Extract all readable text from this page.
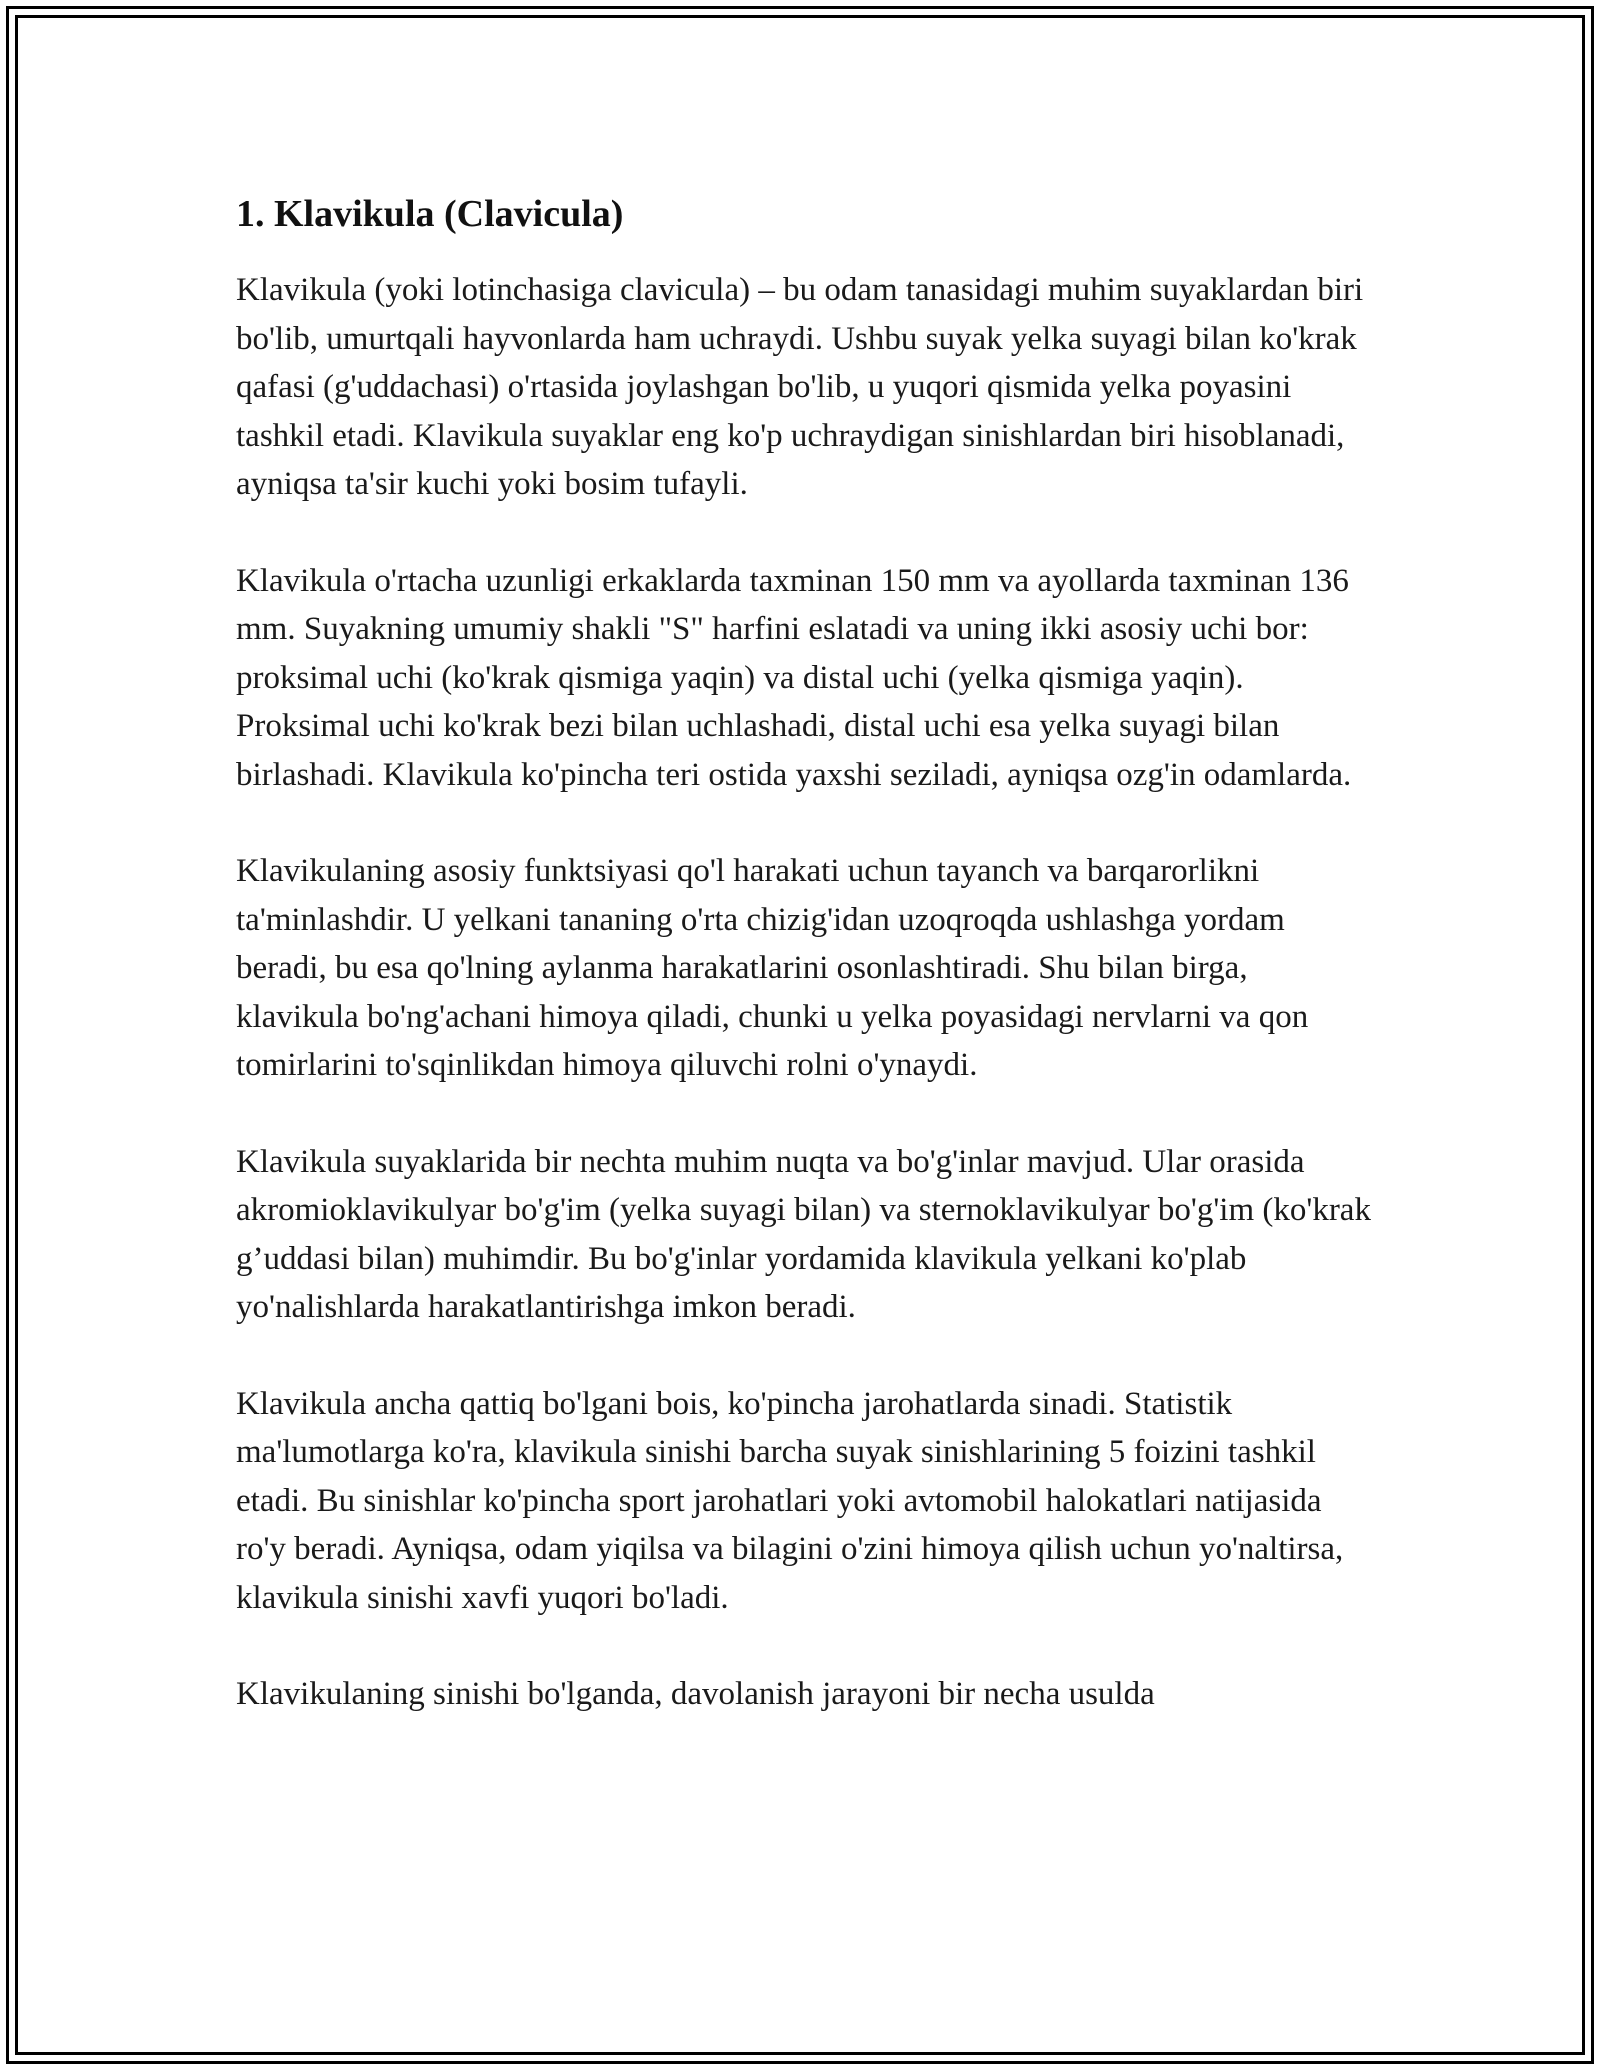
1. Klavikula (Clavicula)

Klavikula (yoki lotinchasiga clavicula) – bu odam tanasidagi muhim suyaklardan biri bo'lib, umurtqali hayvonlarda ham uchraydi. Ushbu suyak yelka suyagi bilan ko'krak qafasi (g'uddachasi) o'rtasida joylashgan bo'lib, u yuqori qismida yelka poyasini tashkil etadi. Klavikula suyaklar eng ko'p uchraydigan sinishlardan biri hisoblanadi, ayniqsa ta'sir kuchi yoki bosim tufayli.

Klavikula o'rtacha uzunligi erkaklarda taxminan 150 mm va ayollarda taxminan 136 mm. Suyakning umumiy shakli "S" harfini eslatadi va uning ikki asosiy uchi bor: proksimal uchi (ko'krak qismiga yaqin) va distal uchi (yelka qismiga yaqin). Proksimal uchi ko'krak bezi bilan uchlashadi, distal uchi esa yelka suyagi bilan birlashadi. Klavikula ko'pincha teri ostida yaxshi seziladi, ayniqsa ozg'in odamlarda.

Klavikulaning asosiy funktsiyasi qo'l harakati uchun tayanch va barqarorlikni ta'minlashdir. U yelkani tananing o'rta chizig'idan uzoqroqda ushlashga yordam beradi, bu esa qo'lning aylanma harakatlarini osonlashtiradi. Shu bilan birga, klavikula bo'ng'achani himoya qiladi, chunki u yelka poyasidagi nervlarni va qon tomirlarini to'sqinlikdan himoya qiluvchi rolni o'ynaydi.

Klavikula suyaklarida bir nechta muhim nuqta va bo'g'inlar mavjud. Ular orasida akromioklavikulyar bo'g'im (yelka suyagi bilan) va sternoklavikulyar bo'g'im (ko'krak g’uddasi bilan) muhimdir. Bu bo'g'inlar yordamida klavikula yelkani ko'plab yo'nalishlarda harakatlantirishga imkon beradi.

Klavikula ancha qattiq bo'lgani bois, ko'pincha jarohatlarda sinadi. Statistik ma'lumotlarga ko'ra, klavikula sinishi barcha suyak sinishlarining 5 foizini tashkil etadi. Bu sinishlar ko'pincha sport jarohatlari yoki avtomobil halokatlari natijasida ro'y beradi. Ayniqsa, odam yiqilsa va bilagini o'zini himoya qilish uchun yo'naltirsa, klavikula sinishi xavfi yuqori bo'ladi.

Klavikulaning sinishi bo'lganda, davolanish jarayoni bir necha usulda
